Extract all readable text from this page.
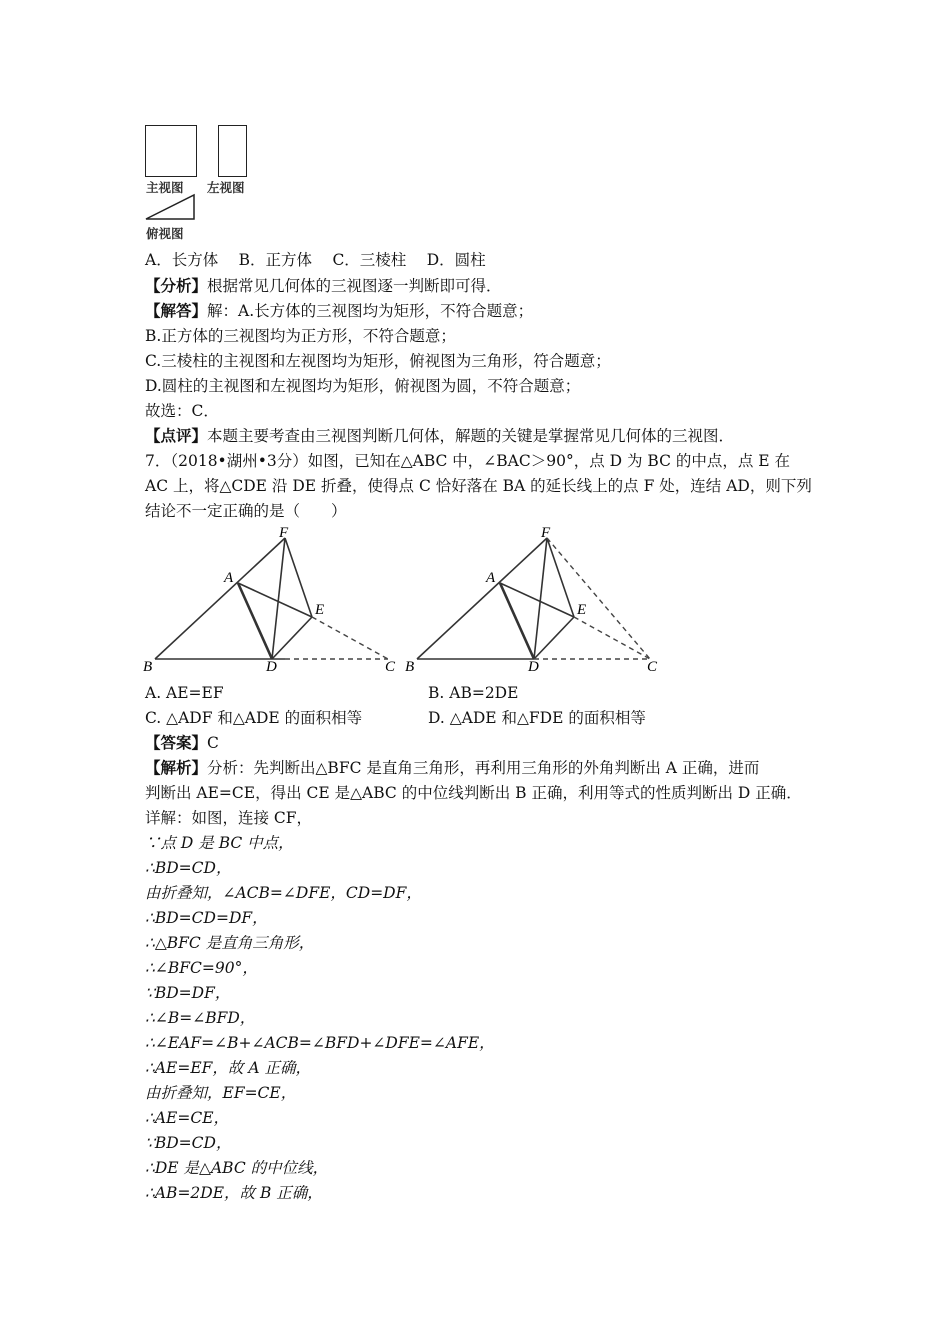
主视图 左视图
俯视图
A．长方体　 B．正方体　 C．三棱柱　 D．圆柱
【分析】根据常见几何体的三视图逐一判断即可得．
【解答】解：A.长方体的三视图均为矩形，不符合题意；
B.正方体的三视图均为正方形，不符合题意；
C.三棱柱的主视图和左视图均为矩形，俯视图为三角形，符合题意；
D.圆柱的主视图和左视图均为矩形，俯视图为圆，不符合题意；
故选：C．
【点评】本题主要考查由三视图判断几何体，解题的关键是掌握常见几何体的三视图．
7．（2018•湖州•3分）如图，已知在△ABC 中，∠BAC＞90°，点 D 为 BC 的中点，点 E 在
AC 上，将△CDE 沿 DE 折叠，使得点 C 恰好落在 BA 的延长线上的点 F 处，连结 AD，则下列
结论不一定正确的是（　　）
F
A
E
B	D	C
F
A
E
B	D	C
A. AE=EF	B. AB=2DE
C. △ADF 和△ADE 的面积相等	D. △ADE 和△FDE 的面积相等
【答案】C
【解析】分析：先判断出△BFC 是直角三角形，再利用三角形的外角判断出 A 正确，进而
判断出 AE=CE，得出 CE 是△ABC 的中位线判断出 B 正确，利用等式的性质判断出 D 正确．
详解：如图，连接 CF，
∵点 D 是 BC 中点，
∴BD=CD，
由折叠知，∠ACB=∠DFE，CD=DF，
∴BD=CD=DF，
∴△BFC 是直角三角形，
∴∠BFC=90°，
∵BD=DF，
∴∠B=∠BFD，
∴∠EAF=∠B+∠ACB=∠BFD+∠DFE=∠AFE，
∴AE=EF，故 A 正确，
由折叠知，EF=CE，
∴AE=CE，
∵BD=CD，
∴DE 是△ABC 的中位线，
∴AB=2DE，故 B 正确，
